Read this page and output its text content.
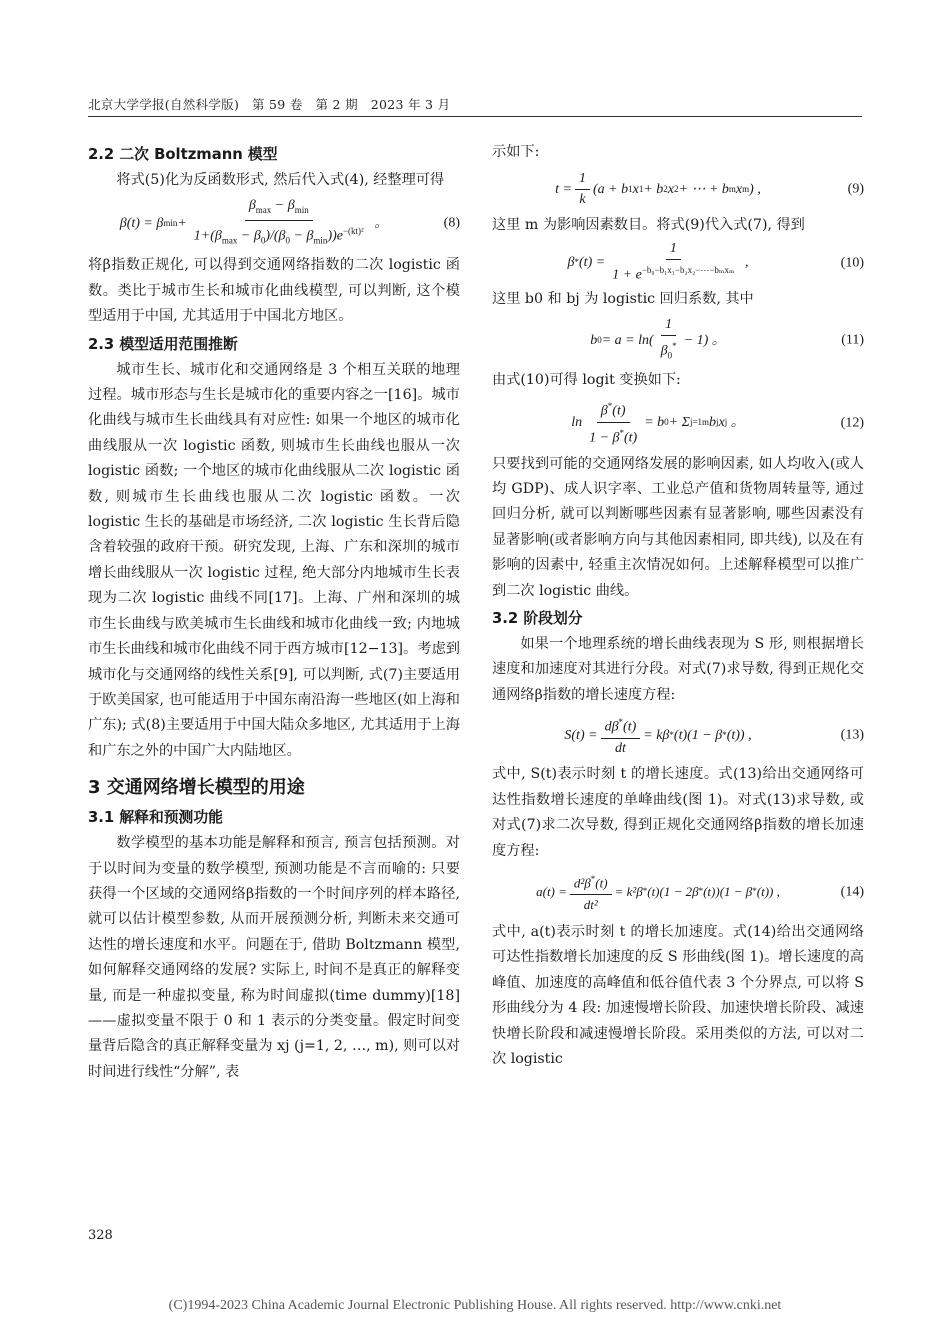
北京大学学报(自然科学版) 第 59 卷 第 2 期 2023 年 3 月
2.2 二次 Boltzmann 模型

将式(5)化为反函数形式, 然后代入式(4), 经整理可得

β(t) = β $\min + \frac{\beta_{max} - \beta_{min}}{1+(\beta_{max} - \beta_0)/(\beta_0 - \beta_{min}))e^{-(kt)^2}}$ 。	(8)

将β指数正规化, 可以得到交通网络指数的二次 logistic 函数。类比于城市生长和城市化曲线模型, 可以判断, 这个模型适用于中国, 尤其适用于中国北方地区。

2.3 模型适用范围推断

城市生长、城市化和交通网络是 3 个相互关联的地理过程。城市形态与生长是城市化的重要内容之一[16]。城市化曲线与城市生长曲线具有对应性: 如果一个地区的城市化曲线服从一次 logistic 函数, 则城市生长曲线也服从一次 logistic 函数; 一个地区的城市化曲线服从二次 logistic 函数, 则城市生长曲线也服从二次 logistic 函数。一次 logistic 生长的基础是市场经济, 二次 logistic 生长背后隐含着较强的政府干预。研究发现, 上海、广东和深圳的城市增长曲线服从一次 logistic 过程, 绝大部分内地城市生长表现为二次 logistic 曲线不同[17]。上海、广州和深圳的城市生长曲线与欧美城市生长曲线和城市化曲线一致; 内地城市生长曲线和城市化曲线不同于西方城市[12−13]。考虑到城市化与交通网络的线性关系[9], 可以判断, 式(7)主要适用于欧美国家, 也可能适用于中国东南沿海一些地区(如上海和广东); 式(8)主要适用于中国大陆众多地区, 尤其适用于上海和广东之外的中国广大内陆地区。

3 交通网络增长模型的用途
3.1 解释和预测功能

数学模型的基本功能是解释和预言, 预言包括预测。对于以时间为变量的数学模型, 预测功能是不言而喻的: 只要获得一个区域的交通网络β指数的一个时间序列的样本路径, 就可以估计模型参数, 从而开展预测分析, 判断未来交通可达性的增长速度和水平。问题在于, 借助 Boltzmann 模型, 如何解释交通网络的发展? 实际上, 时间不是真正的解释变量, 而是一种虚拟变量, 称为时间虚拟(time dummy)[18]——虚拟变量不限于 0 和 1 表示的分类变量。假定时间变量背后隐含的真正解释变量为 xj (j=1, 2, …, m), 则可以对时间进行线性“分解”, 表

示如下:

$t = \frac{1}{k} (a + b$ 1 x 1 + b 2 x 2 + ⋯ + b m x m ) ,	(9)

这里 m 为影响因素数目。将式(9)代入式(7), 得到

$\beta * (t) = \frac{1}{1 + e^{-b_0-b_1x_1-b_2x_2-\cdots-b_mx_m}}$ ,	(10)

这里 b0 和 bj 为 logistic 回归系数, 其中

b $0 = a = \ln( \frac{1}{\beta_0^*} - 1)$ 。	(11)

由式(10)可得 logit 变换如下:

$\ln \frac{\beta^*(t)}{1 - \beta^*(t)} = b$ 0 + Σ j=1 m b j x j 。	(12)

只要找到可能的交通网络发展的影响因素, 如人均收入(或人均 GDP)、成人识字率、工业总产值和货物周转量等, 通过回归分析, 就可以判断哪些因素有显著影响, 哪些因素没有显著影响(或者影响方向与其他因素相同, 即共线), 以及在有影响的因素中, 轻重主次情况如何。上述解释模型可以推广到二次 logistic 曲线。

3.2 阶段划分

如果一个地理系统的增长曲线表现为 S 形, 则根据增长速度和加速度对其进行分段。对式(7)求导数, 得到正规化交通网络β指数的增长速度方程:

$S(t) = \frac{d\beta^*(t)}{dt} = k\beta * (t)(1 - \beta * (t))$ ,	(13)

式中, S(t)表示时刻 t 的增长速度。式(13)给出交通网络可达性指数增长速度的单峰曲线(图 1)。对式(13)求导数, 或对式(7)求二次导数, 得到正规化交通网络β指数的增长加速度方程:

$a(t) = \frac{d^2\beta^*(t)}{\text{dt²}} = k^2\beta * (t)(1 - 2\beta * (t))(1 - \beta * (t))$ ,	(14)

式中, a(t)表示时刻 t 的增长加速度。式(14)给出交通网络可达性指数增长加速度的反 S 形曲线(图 1)。增长速度的高峰值、加速度的高峰值和低谷值代表 3 个分界点, 可以将 S 形曲线分为 4 段: 加速慢增长阶段、加速快增长阶段、减速快增长阶段和减速慢增长阶段。采用类似的方法, 可以对二次 logistic

328
(C)1994-2023 China Academic Journal Electronic Publishing House. All rights reserved. http://www.cnki.net
